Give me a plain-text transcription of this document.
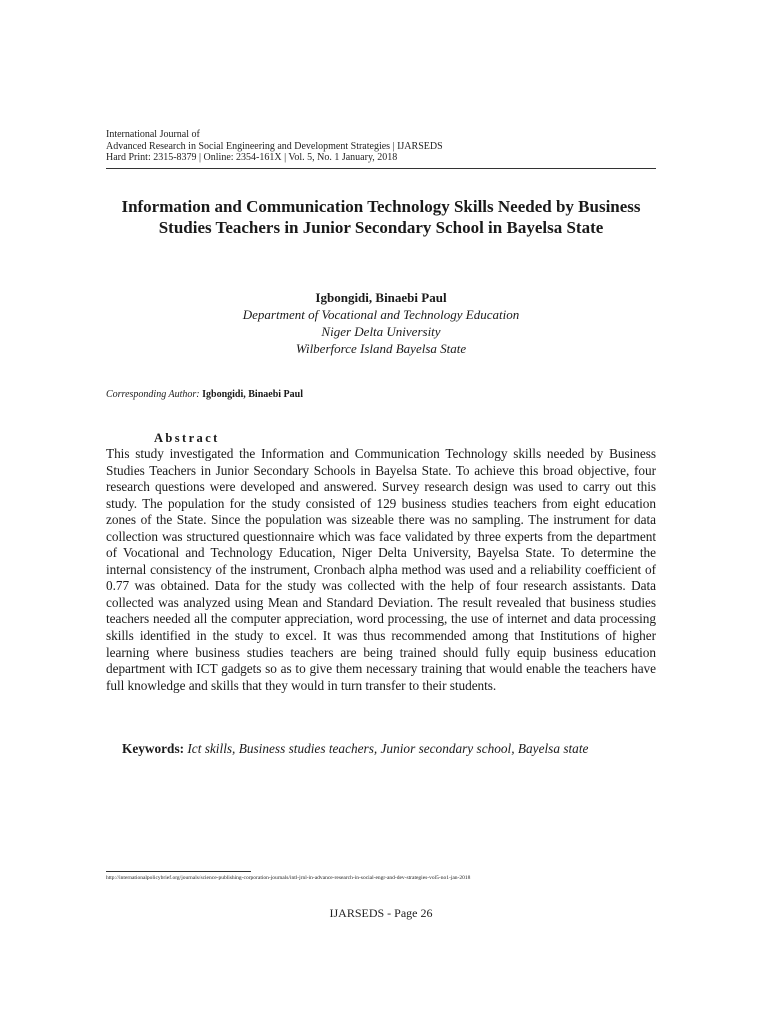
International Journal of
Advanced Research in Social Engineering and Development Strategies | IJARSEDS
Hard Print: 2315-8379 | Online: 2354-161X | Vol. 5, No. 1 January, 2018
Information and Communication Technology Skills Needed by Business Studies Teachers in Junior Secondary School in Bayelsa State
Igbongidi, Binaebi Paul
Department of Vocational and Technology Education
Niger Delta University
Wilberforce Island Bayelsa State
Corresponding Author: Igbongidi, Binaebi Paul
Abstract

This study investigated the Information and Communication Technology skills needed by Business Studies Teachers in Junior Secondary Schools in Bayelsa State. To achieve this broad objective, four research questions were developed and answered. Survey research design was used to carry out this study. The population for the study consisted of 129 business studies teachers from eight education zones of the State. Since the population was sizeable there was no sampling. The instrument for data collection was structured questionnaire which was face validated by three experts from the department of Vocational and Technology Education, Niger Delta University, Bayelsa State. To determine the internal consistency of the instrument, Cronbach alpha method was used and a reliability coefficient of 0.77 was obtained. Data for the study was collected with the help of four research assistants. Data collected was analyzed using Mean and Standard Deviation. The result revealed that business studies teachers needed all the computer appreciation, word processing, the use of internet and data processing skills identified in the study to excel. It was thus recommended among that Institutions of higher learning where business studies teachers are being trained should fully equip business education department with ICT gadgets so as to give them necessary training that would enable the teachers have full knowledge and skills that they would in turn transfer to their students.

Keywords: Ict skills, Business studies teachers, Junior secondary school, Bayelsa state
http://internationalpolicybrief.org/journals/science-publishing-corporation-journals/intl-jrnl-in-advance-research-in-social-engr-and-dev-strategies-vol5-no1-jan-2018
IJARSEDS - Page 26
